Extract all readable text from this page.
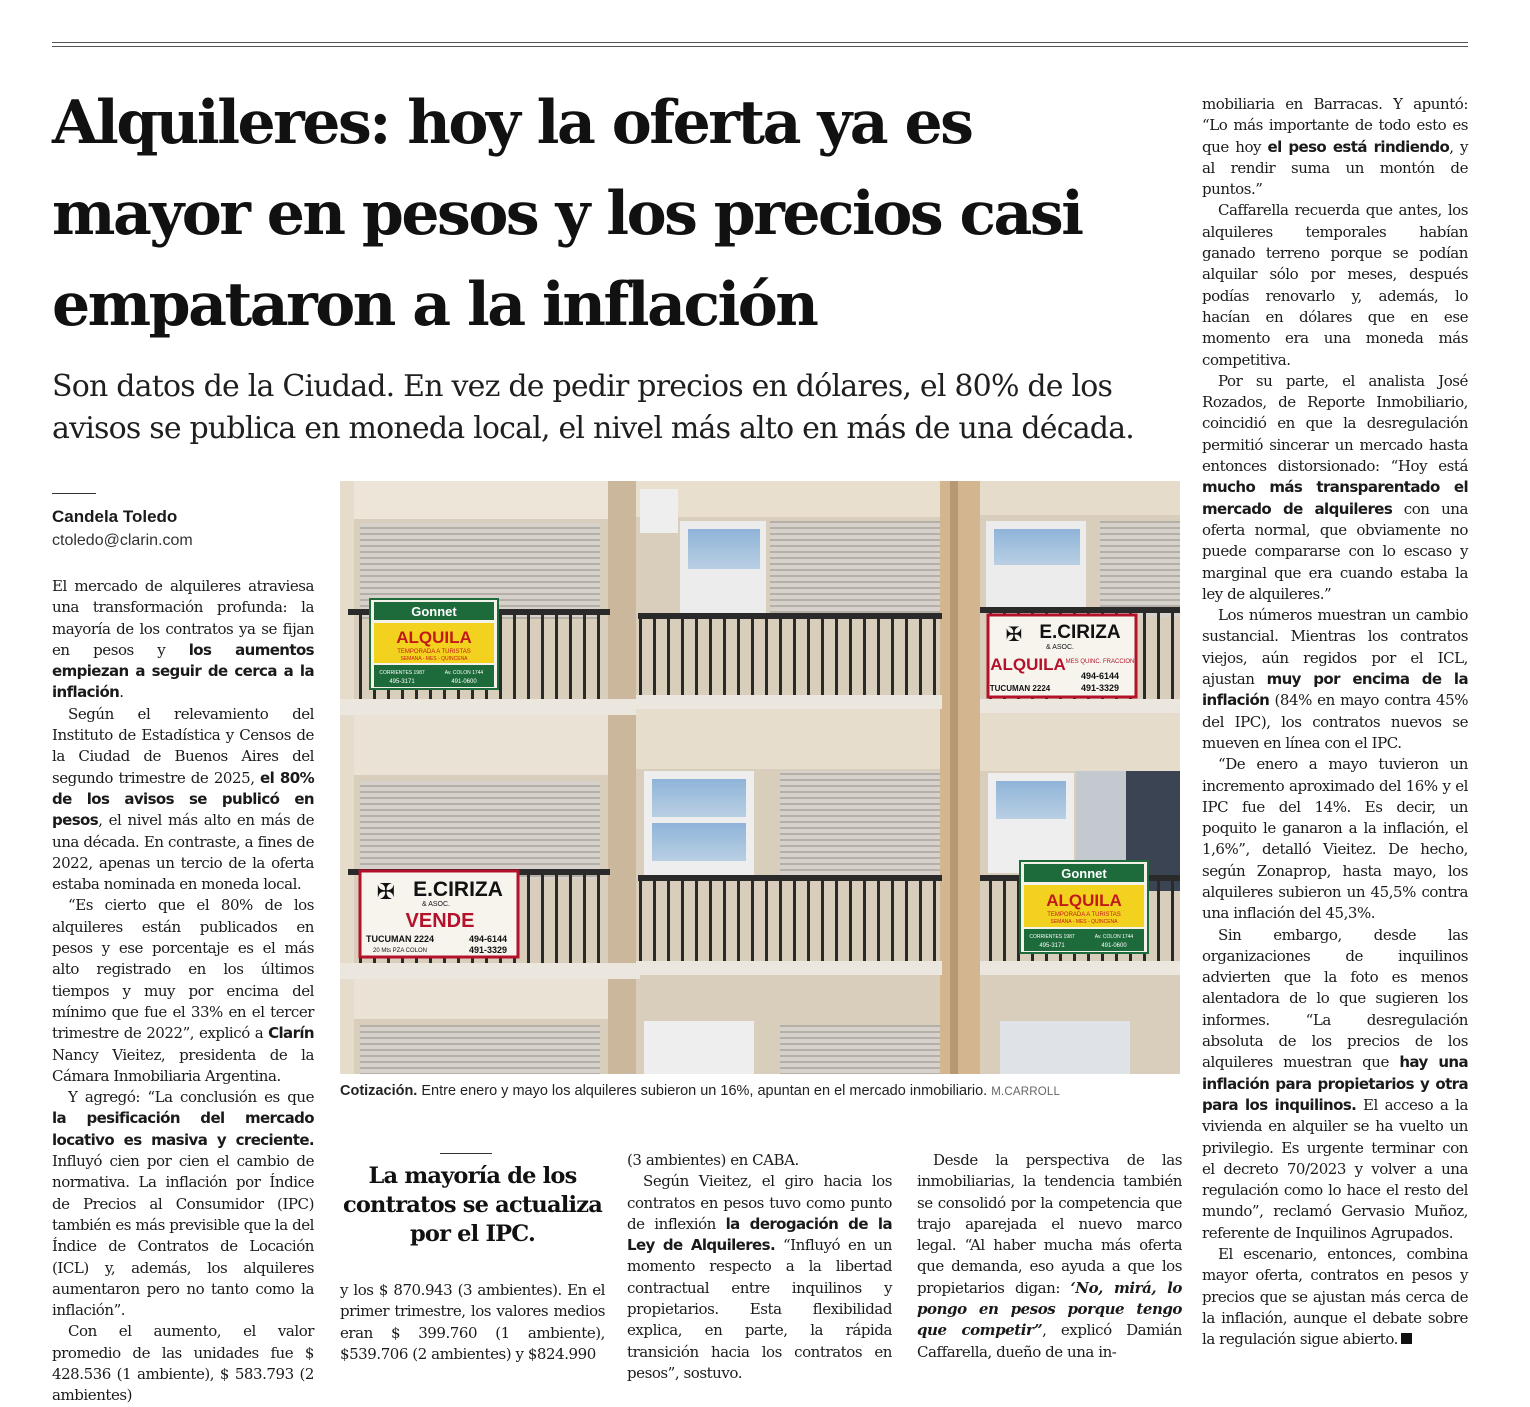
Alquileres: hoy la oferta ya es mayor en pesos y los precios casi empataron a la inflación

Son datos de la Ciudad. En vez de pedir precios en dólares, el 80% de los avisos se publica en moneda local, el nivel más alto en más de una década.

Candela Toledo
ctoledo@clarin.com

El mercado de alquileres atraviesa una transformación profunda: la mayoría de los contratos ya se fijan en pesos y los aumentos empiezan a seguir de cerca a la inflación.

Según el relevamiento del Instituto de Estadística y Censos de la Ciudad de Buenos Aires del segundo trimestre de 2025, el 80% de los avisos se publicó en pesos, el nivel más alto en más de una década. En contraste, a fines de 2022, apenas un tercio de la oferta estaba nominada en moneda local.

“Es cierto que el 80% de los alquileres están publicados en pesos y ese porcentaje es el más alto registrado en los últimos tiempos y muy por encima del mínimo que fue el 33% en el tercer trimestre de 2022”, explicó a Clarín Nancy Vieitez, presidenta de la Cámara Inmobiliaria Argentina.

Y agregó: “La conclusión es que la pesificación del mercado locativo es masiva y creciente. Influyó cien por cien el cambio de normativa. La inflación por Índice de Precios al Consumidor (IPC) también es más previsible que la del Índice de Contratos de Locación (ICL) y, además, los alquileres aumentaron pero no tanto como la inflación”.

Con el aumento, el valor promedio de las unidades fue $ 428.536 (1 ambiente), $ 583.793 (2 ambientes)

Gonnet
ALQUILA
TEMPORADA A TURISTAS
SEMANA - MES - QUINCENA
CORRIENTES 1987
495-3171
Av. COLON 1744
491-0600
✠ E.CIRIZA
& ASOC.
ALQUILA MES QUINC. FRACCION
TUCUMAN 2224
494-6144
491-3329
✠ E.CIRIZA
& ASOC.
VENDE
TUCUMAN 2224
20 Mts PZA COLON
494-6144
491-3329
Gonnet
ALQUILA
TEMPORADA A TURISTAS
SEMANA - MES - QUINCENA
CORRIENTES 1987
495-3171
Av. COLON 1744
491-0600
Cotización. Entre enero y mayo los alquileres subieron un 16%, apuntan en el mercado inmobiliario. M.CARROLL

La mayoría de los contratos se actualiza por el IPC.

y los $ 870.943 (3 ambientes). En el primer trimestre, los valores medios eran $ 399.760 (1 ambiente), $539.706 (2 ambientes) y $824.990

(3 ambientes) en CABA.

Según Vieitez, el giro hacia los contratos en pesos tuvo como punto de inflexión la derogación de la Ley de Alquileres. “Influyó en un momento respecto a la libertad contractual entre inquilinos y propietarios. Esta flexibilidad explica, en parte, la rápida transición hacia los contratos en pesos”, sostuvo.

Desde la perspectiva de las inmobiliarias, la tendencia también se consolidó por la competencia que trajo aparejada el nuevo marco legal. “Al haber mucha más oferta que demanda, eso ayuda a que los propietarios digan: ‘No, mirá, lo pongo en pesos porque tengo que competir”, explicó Damián Caffarella, dueño de una in-

mobiliaria en Barracas. Y apuntó: “Lo más importante de todo esto es que hoy el peso está rindiendo, y al rendir suma un montón de puntos.”

Caffarella recuerda que antes, los alquileres temporales habían ganado terreno porque se podían alquilar sólo por meses, después podías renovarlo y, además, lo hacían en dólares que en ese momento era una moneda más competitiva.

Por su parte, el analista José Rozados, de Reporte Inmobiliario, coincidió en que la desregulación permitió sincerar un mercado hasta entonces distorsionado: “Hoy está mucho más transparentado el mercado de alquileres con una oferta normal, que obviamente no puede compararse con lo escaso y marginal que era cuando estaba la ley de alquileres.”

Los números muestran un cambio sustancial. Mientras los contratos viejos, aún regidos por el ICL, ajustan muy por encima de la inflación (84% en mayo contra 45% del IPC), los contratos nuevos se mueven en línea con el IPC.

“De enero a mayo tuvieron un incremento aproximado del 16% y el IPC fue del 14%. Es decir, un poquito le ganaron a la inflación, el 1,6%”, detalló Vieitez. De hecho, según Zonaprop, hasta mayo, los alquileres subieron un 45,5% contra una inflación del 45,3%.

Sin embargo, desde las organizaciones de inquilinos advierten que la foto es menos alentadora de lo que sugieren los informes. “La desregulación absoluta de los precios de los alquileres muestran que hay una inflación para propietarios y otra para los inquilinos. El acceso a la vivienda en alquiler se ha vuelto un privilegio. Es urgente terminar con el decreto 70/2023 y volver a una regulación como lo hace el resto del mundo”, reclamó Gervasio Muñoz, referente de Inquilinos Agrupados.

El escenario, entonces, combina mayor oferta, contratos en pesos y precios que se ajustan más cerca de la inflación, aunque el debate sobre la regulación sigue abierto.
